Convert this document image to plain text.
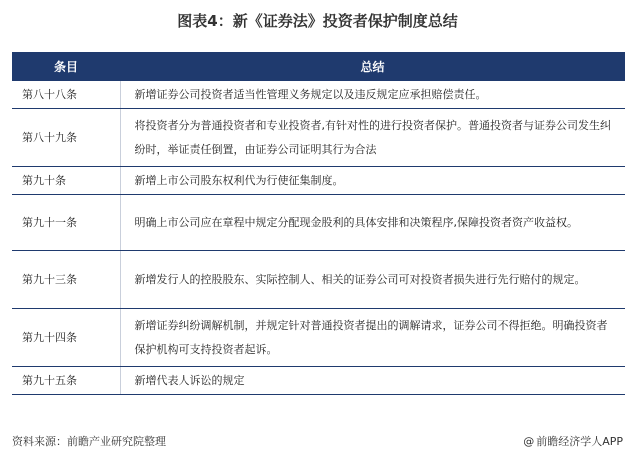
图表4：新《证券法》投资者保护制度总结
条目	总结
第八十八条	新增证券公司投资者适当性管理义务规定以及违反规定应承担赔偿责任。
第八十九条	将投资者分为普通投资者和专业投资者,有针对性的进行投资者保护。普通投资者与证券公司发生纠纷时，举证责任倒置，由证券公司证明其行为合法
第九十条	新增上市公司股东权利代为行使征集制度。
第九十一条	明确上市公司应在章程中规定分配现金股利的具体安排和决策程序,保障投资者资产收益权。
第九十三条	新增发行人的控股股东、实际控制人、相关的证券公司可对投资者损失进行先行赔付的规定。
第九十四条	新增证券纠纷调解机制，并规定针对普通投资者提出的调解请求，证券公司不得拒绝。明确投资者保护机构可支持投资者起诉。
第九十五条	新增代表人诉讼的规定
资料来源：前瞻产业研究院整理	@ 前瞻经济学人APP
